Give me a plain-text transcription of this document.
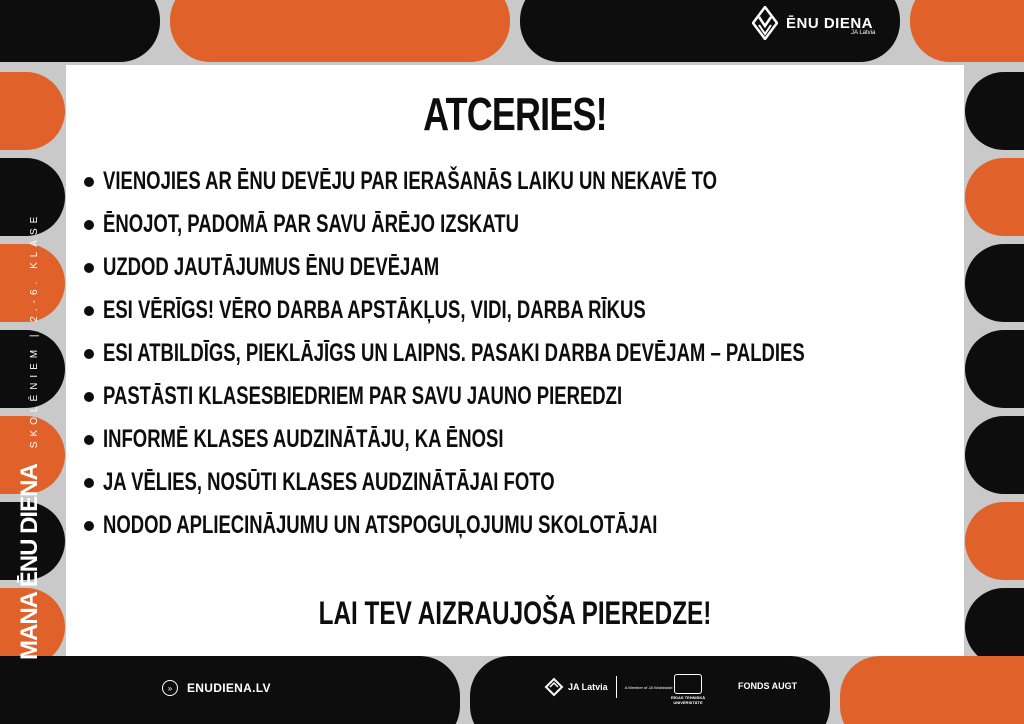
ĒNU DIENA
JA Latvia
ATCERIES!
VIENOJIES AR ĒNU DEVĒJU PAR IERAŠANĀS LAIKU UN NEKAVĒ TO
ĒNOJOT, PADOMĀ PAR SAVU ĀRĒJO IZSKATU
UZDOD JAUTĀJUMUS ĒNU DEVĒJAM
ESI VĒRĪGS! VĒRO DARBA APSTĀKĻUS, VIDI, DARBA RĪKUS
ESI ATBILDĪGS, PIEKLĀJĪGS UN LAIPNS. PASAKI DARBA DEVĒJAM – PALDIES
PASTĀSTI KLASESBIEDRIEM PAR SAVU JAUNO PIEREDZI
INFORMĒ KLASES AUDZINĀTĀJU, KA ĒNOSI
JA VĒLIES, NOSŪTI KLASES AUDZINĀTĀJAI FOTO
NODOD APLIECINĀJUMU UN ATSPOGUĻOJUMU SKOLOTĀJAI
LAI TEV AIZRAUJOŠA PIEREDZE!
MANA ĒNU DIENA
SKOLĒNIEM | 2.-6. KLASE
»	ENUDIENA.LV	JA Latvia	A Member of JA Worldwide
RĪGAS TEHNISKĀ UNIVERSITĀTE
FONDS AUGT
